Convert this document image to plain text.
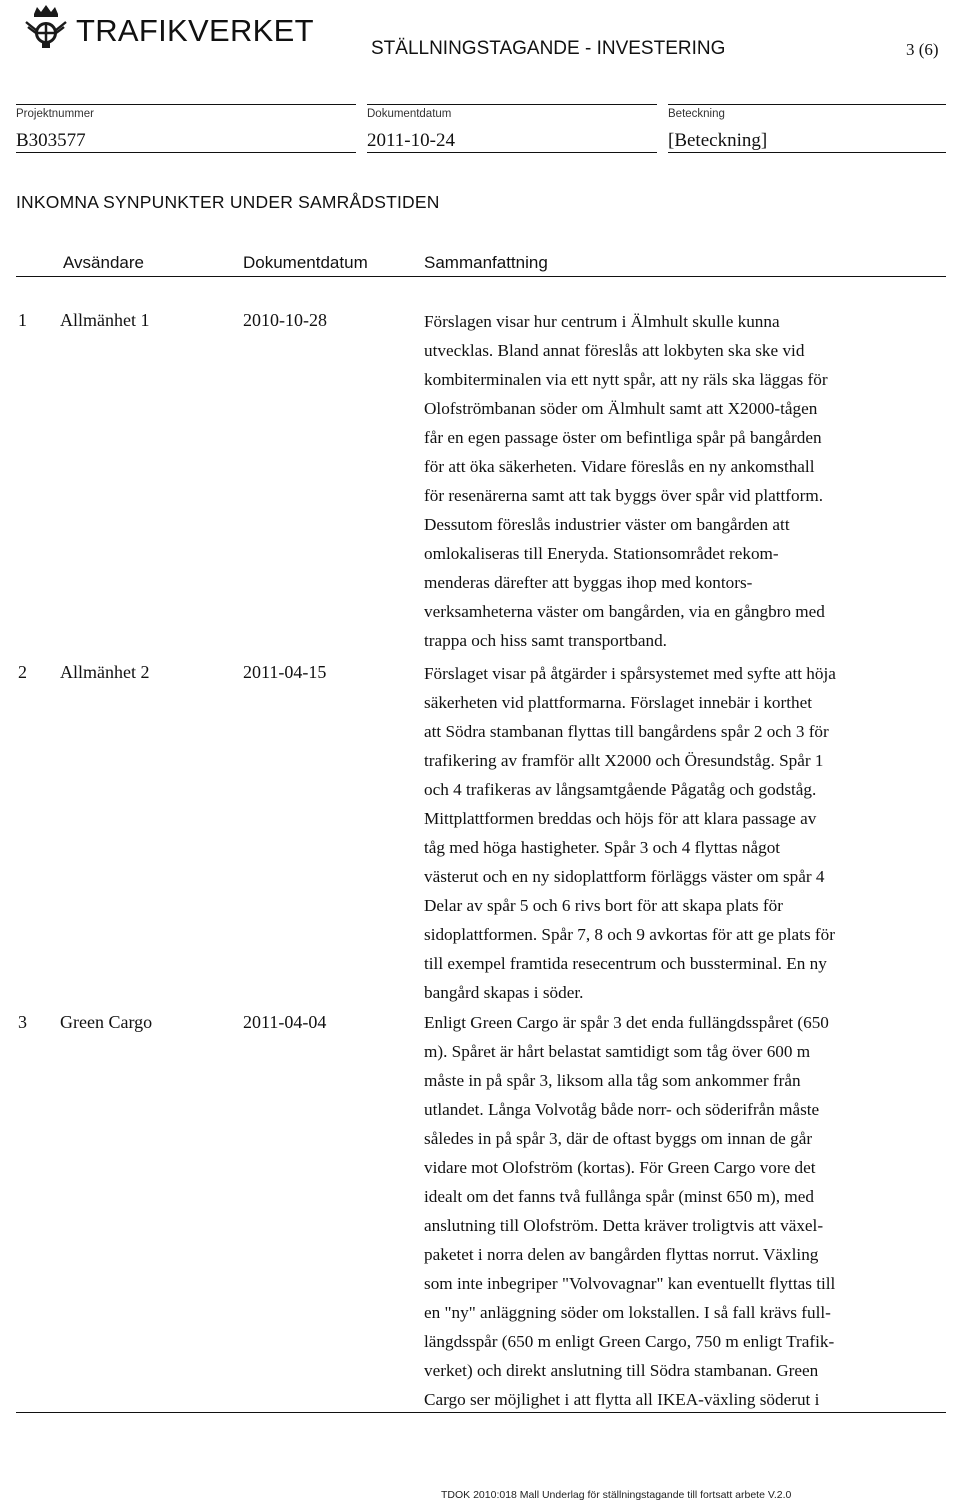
TRAFIKVERKET
STÄLLNINGSTAGANDE - INVESTERING	3 (6)
Projektnummer
B303577
Dokumentdatum
2011-10-24
Beteckning
[Beteckning]
INKOMNA SYNPUNKTER UNDER SAMRÅDSTIDEN
Avsändare	Dokumentdatum	Sammanfattning
1 Allmänhet 1	2010-10-28	Förslagen visar hur centrum i Älmhult skulle kunna
utvecklas. Bland annat föreslås att lokbyten ska ske vid
kombiterminalen via ett nytt spår, att ny räls ska läggas för
Olofströmbanan söder om Älmhult samt att X2000-tågen
får en egen passage öster om befintliga spår på bangården
för att öka säkerheten. Vidare föreslås en ny ankomsthall
för resenärerna samt att tak byggs över spår vid plattform.
Dessutom föreslås industrier väster om bangården att
omlokaliseras till Eneryda. Stationsområdet rekom-
menderas därefter att byggas ihop med kontors-
verksamheterna väster om bangården, via en gångbro med
trappa och hiss samt transportband.
2 Allmänhet 2	2011-04-15	Förslaget visar på åtgärder i spårsystemet med syfte att höja
säkerheten vid plattformarna. Förslaget innebär i korthet
att Södra stambanan flyttas till bangårdens spår 2 och 3 för
trafikering av framför allt X2000 och Öresundståg. Spår 1
och 4 trafikeras av långsamtgående Pågatåg och godståg.
Mittplattformen breddas och höjs för att klara passage av
tåg med höga hastigheter. Spår 3 och 4 flyttas något
västerut och en ny sidoplattform förläggs väster om spår 4
Delar av spår 5 och 6 rivs bort för att skapa plats för
sidoplattformen. Spår 7, 8 och 9 avkortas för att ge plats för
till exempel framtida resecentrum och bussterminal. En ny
bangård skapas i söder.
3 Green Cargo	2011-04-04	Enligt Green Cargo är spår 3 det enda fullängdsspåret (650
m). Spåret är hårt belastat samtidigt som tåg över 600 m
måste in på spår 3, liksom alla tåg som ankommer från
utlandet. Långa Volvotåg både norr- och söderifrån måste
således in på spår 3, där de oftast byggs om innan de går
vidare mot Olofström (kortas). För Green Cargo vore det
idealt om det fanns två fullånga spår (minst 650 m), med
anslutning till Olofström. Detta kräver troligtvis att växel-
paketet i norra delen av bangården flyttas norrut. Växling
som inte inbegriper "Volvovagnar" kan eventuellt flyttas till
en "ny" anläggning söder om lokstallen. I så fall krävs full-
längdsspår (650 m enligt Green Cargo, 750 m enligt Trafik-
verket) och direkt anslutning till Södra stambanan. Green
Cargo ser möjlighet i att flytta all IKEA-växling söderut i
TDOK 2010:018 Mall Underlag för ställningstagande till fortsatt arbete V.2.0
